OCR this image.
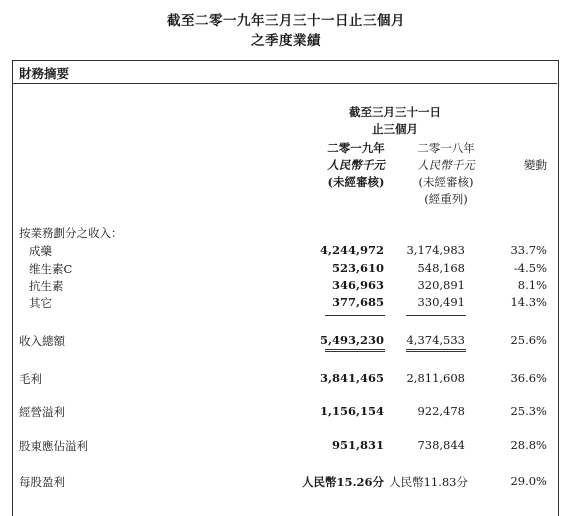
截至二零一九年三月三十一日止三個月
之季度業績
財務摘要
截至三月三十一日
止三個月
二零一九年
人民幣千元
(未經審核)
二零一八年
人民幣千元
(未經審核)
(經重列)
變動
按業務劃分之收入：
成藥	4,244,972	3,174,983	33.7%
维生素C	523,610	548,168	-4.5%
抗生素	346,963	320,891	8.1%
其它	377,685	330,491	14.3%
收入總額	5,493,230	4,374,533	25.6%
毛利	3,841,465	2,811,608	36.6%
經營溢利	1,156,154	922,478	25.3%
股東應佔溢利	951,831	738,844	28.8%
每股盈利	人民幣15.26分 人民幣11.83分	29.0%
